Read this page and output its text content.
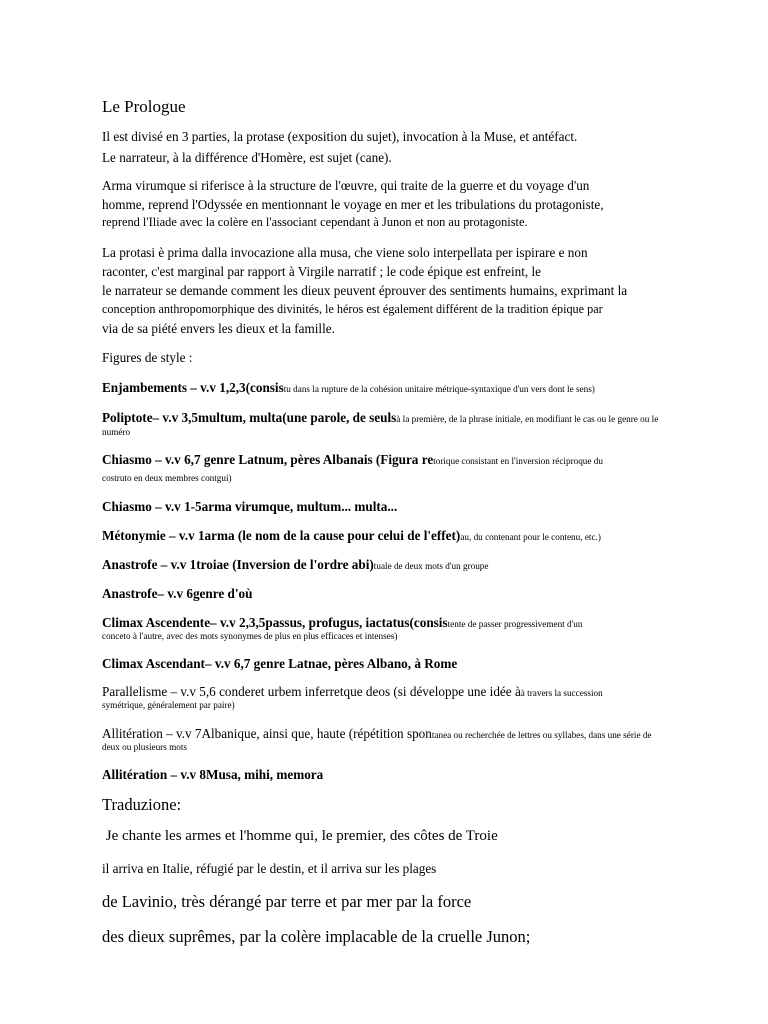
Le Prologue
Il est divisé en 3 parties, la protase (exposition du sujet), invocation à la Muse, et antéfact.
Le narrateur, à la différence d'Homère, est sujet (cane).
Arma virumque si riferisce à la structure de l'œuvre, qui traite de la guerre et du voyage d'un
homme, reprend l'Odyssée en mentionnant le voyage en mer et les tribulations du protagoniste,
reprend l'Iliade avec la colère en l'associant cependant à Junon et non au protagoniste.
La protasi è prima dalla invocazione alla musa, che viene solo interpellata per ispirare e non
raconter, c'est marginal par rapport à Virgile narratif ; le code épique est enfreint, le
le narrateur se demande comment les dieux peuvent éprouver des sentiments humains, exprimant la
conception anthropomorphique des divinités, le héros est également différent de la tradition épique par
via de sa piété envers les dieux et la famille.
Figures de style :
Enjambements – v.v 1,2,3(consistu dans la rupture de la cohésion unitaire métrique-syntaxique d'un vers dont le sens)
Poliptote– v.v 3,5multum, multa(une parole, de seulsà la première, de la phrase initiale, en modifiant le cas ou le genre ou le
numéro
Chiasmo – v.v 6,7 genre Latnum, pères Albanais (Figura retorique consistant en l'inversion réciproque du
costruto en deux membres contgui)
Chiasmo – v.v 1-5arma virumque, multum... multa...
Métonymie – v.v 1arma (le nom de la cause pour celui de l'effet)au, du contenant pour le contenu, etc.)
Anastrofe – v.v 1troiae (Inversion de l'ordre abi)tuale de deux mots d'un groupe
Anastrofe– v.v 6genre d'où
Climax Ascendente– v.v 2,3,5passus, profugus, iactatus(consistente de passer progressivement d'un
conceto à l'autre, avec des mots synonymes de plus en plus efficaces et intenses)
Climax Ascendant– v.v 6,7 genre Latnae, pères Albano, à Rome
Parallelisme – v.v 5,6 conderet urbem inferretque deos (si développe une idée àà travers la succession
symétrique, généralement par paire)
Allitération – v.v 7Albanique, ainsi que, haute (répétition spontanea ou recherchée de lettres ou syllabes, dans une série de
deux ou plusieurs mots
Allitération – v.v 8Musa, mihi, memora
Traduzione:
Je chante les armes et l'homme qui, le premier, des côtes de Troie
il arriva en Italie, réfugié par le destin, et il arriva sur les plages
de Lavinio, très dérangé par terre et par mer par la force
des dieux suprêmes, par la colère implacable de la cruelle Junon;
